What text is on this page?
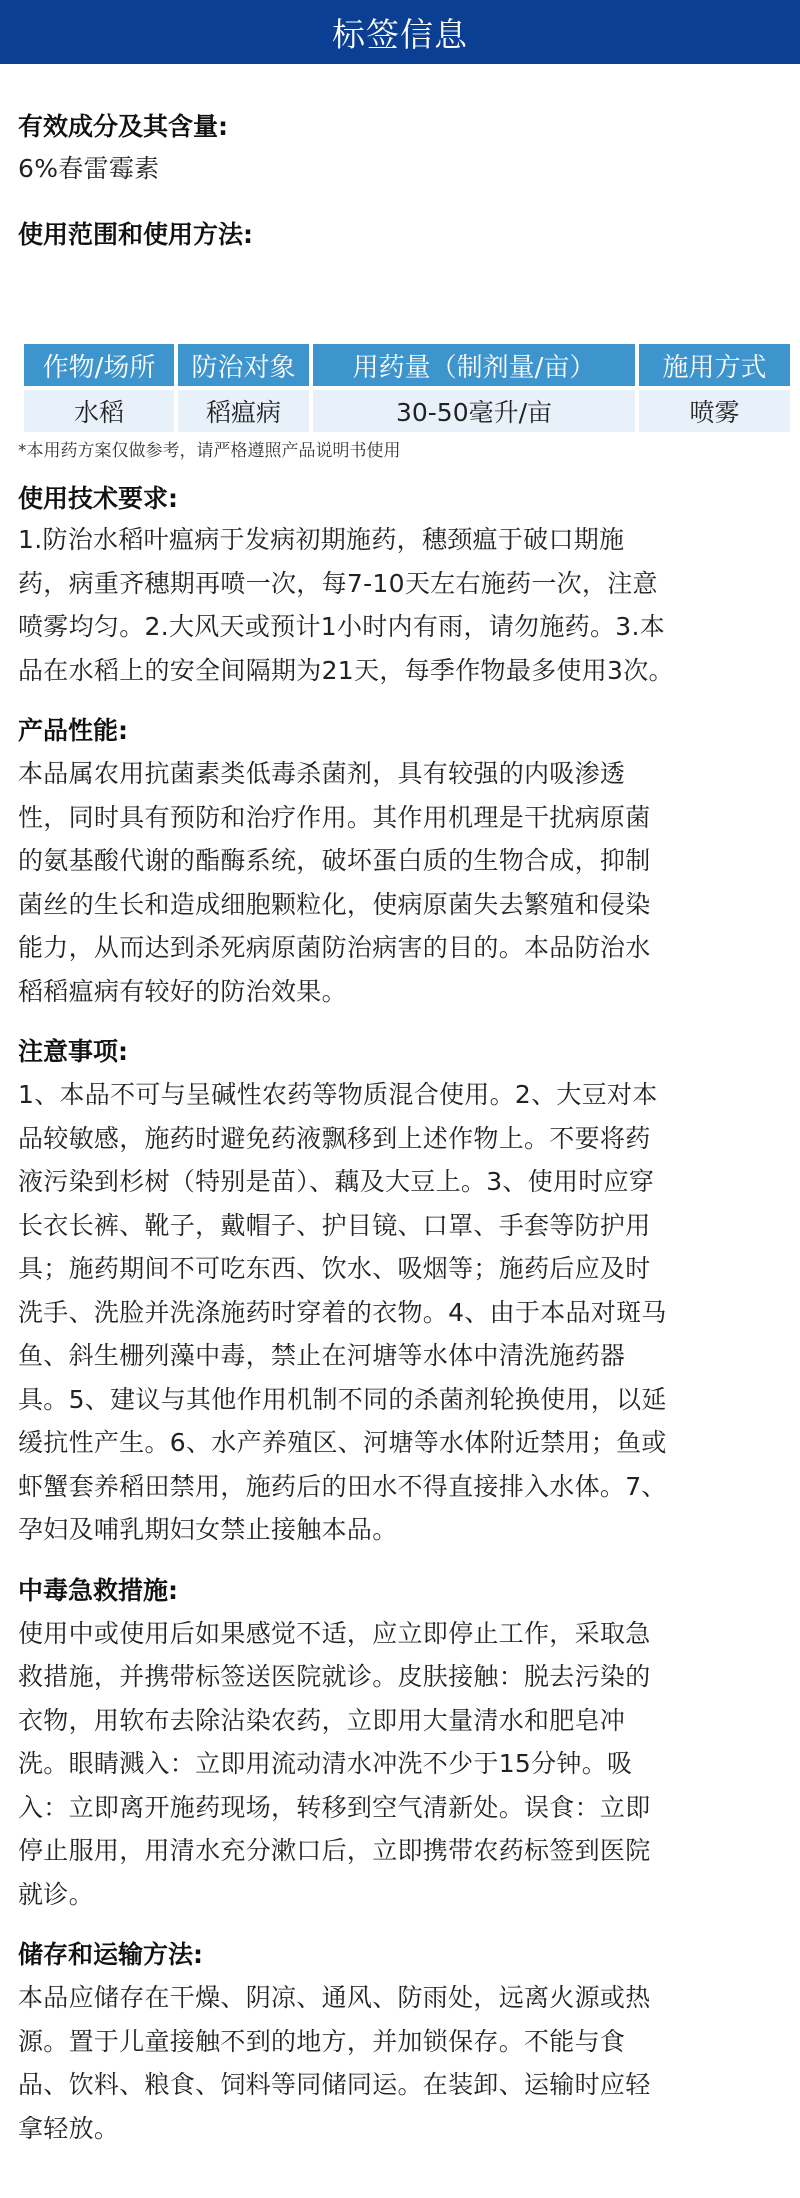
标签信息
有效成分及其含量:
6%春雷霉素
使用范围和使用方法:
作物/场所	防治对象	用药量（制剂量/亩）	施用方式
水稻	稻瘟病	30-50毫升/亩	喷雾
*本用药方案仅做参考，请严格遵照产品说明书使用
使用技术要求:
1.防治水稻叶瘟病于发病初期施药，穗颈瘟于破口期施
药，病重齐穗期再喷一次，每7-10天左右施药一次，注意
喷雾均匀。2.大风天或预计1小时内有雨，请勿施药。3.本
品在水稻上的安全间隔期为21天，每季作物最多使用3次。
产品性能:
本品属农用抗菌素类低毒杀菌剂，具有较强的内吸渗透
性，同时具有预防和治疗作用。其作用机理是干扰病原菌
的氨基酸代谢的酯酶系统，破坏蛋白质的生物合成，抑制
菌丝的生长和造成细胞颗粒化，使病原菌失去繁殖和侵染
能力，从而达到杀死病原菌防治病害的目的。本品防治水
稻稻瘟病有较好的防治效果。
注意事项:
1、本品不可与呈碱性农药等物质混合使用。2、大豆对本
品较敏感，施药时避免药液飘移到上述作物上。不要将药
液污染到杉树（特别是苗）、藕及大豆上。3、使用时应穿
长衣长裤、靴子，戴帽子、护目镜、口罩、手套等防护用
具；施药期间不可吃东西、饮水、吸烟等；施药后应及时
洗手、洗脸并洗涤施药时穿着的衣物。4、由于本品对斑马
鱼、斜生栅列藻中毒，禁止在河塘等水体中清洗施药器
具。5、建议与其他作用机制不同的杀菌剂轮换使用，以延
缓抗性产生。6、水产养殖区、河塘等水体附近禁用；鱼或
虾蟹套养稻田禁用，施药后的田水不得直接排入水体。7、
孕妇及哺乳期妇女禁止接触本品。
中毒急救措施:
使用中或使用后如果感觉不适，应立即停止工作，采取急
救措施，并携带标签送医院就诊。皮肤接触：脱去污染的
衣物，用软布去除沾染农药，立即用大量清水和肥皂冲
洗。眼睛溅入：立即用流动清水冲洗不少于15分钟。吸
入：立即离开施药现场，转移到空气清新处。误食：立即
停止服用，用清水充分漱口后，立即携带农药标签到医院
就诊。
储存和运输方法:
本品应储存在干燥、阴凉、通风、防雨处，远离火源或热
源。置于儿童接触不到的地方，并加锁保存。不能与食
品、饮料、粮食、饲料等同储同运。在装卸、运输时应轻
拿轻放。
